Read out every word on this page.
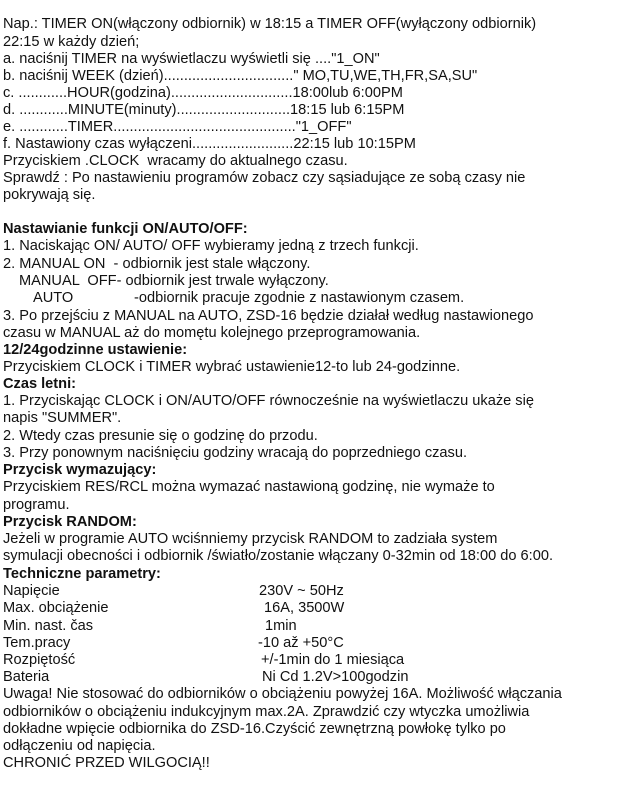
Nap.: TIMER ON(włączony odbiornik) w 18:15 a TIMER OFF(wyłączony odbiornik)
22:15 w każdy dzień;
a. naciśnij TIMER na wyświetlaczu wyświetli się ...."1_ON"
b. naciśnij WEEK (dzień)................................" MO,TU,WE,TH,FR,SA,SU"
c. ............HOUR(godzina)..............................18:00lub 6:00PM
d. ............MINUTE(minuty)............................18:15 lub 6:15PM
e. ............TIMER............................................."1_OFF"
f. Nastawiony czas wyłączeni.........................22:15 lub 10:15PM
Przyciskiem .CLOCK  wracamy do aktualnego czasu.
Sprawdź : Po nastawieniu programów zobacz czy sąsiadujące ze sobą czasy nie
pokrywają się.
Nastawianie funkcji ON/AUTO/OFF:
1. Naciskając ON/ AUTO/ OFF wybieramy jedną z trzech funkcji.
2. MANUAL ON  - odbiornik jest stale włączony.
MANUAL  OFF- odbiornik jest trwale wyłączony.
AUTO	-odbiornik pracuje zgodnie z nastawionym czasem.
3. Po przejściu z MANUAL na AUTO, ZSD-16 będzie działał według nastawionego
czasu w MANUAL aż do momętu kolejnego przeprogramowania.
12/24godzinne ustawienie:
Przyciskiem CLOCK i TIMER wybrać ustawienie12-to lub 24-godzinne.
Czas letni:
1. Przyciskając CLOCK i ON/AUTO/OFF równocześnie na wyświetlaczu ukaże się
napis "SUMMER".
2. Wtedy czas presunie się o godzinę do przodu.
3. Przy ponownym naciśnięciu godziny wracają do poprzedniego czasu.
Przycisk wymazujący:
Przyciskiem RES/RCL można wymazać nastawioną godzinę, nie wymaże to
programu.
Przycisk RANDOM:
Jeżeli w programie AUTO wciśnniemy przycisk RANDOM to zadziała system
symulacji obecności i odbiornik /światło/zostanie włączany 0-32min od 18:00 do 6:00.
Techniczne parametry:
Napięcie	230V ~ 50Hz
Max. obciążenie	16A, 3500W
Min. nast. čas	1min
Tem.pracy	-10 až +50°C
Rozpiętość	+/-1min do 1 miesiąca
Bateria	Ni Cd 1.2V>100godzin
Uwaga! Nie stosować do odbiorników o obciążeniu powyżej 16A. Możliwość włączania
odbiorników o obciążeniu indukcyjnym max.2A. Zprawdzić czy wtyczka umożliwia
dokładne wpięcie odbiornika do ZSD-16.Czyścić zewnętrzną powłokę tylko po
odłączeniu od napięcia.
CHRONIĆ PRZED WILGOCIĄ!!
